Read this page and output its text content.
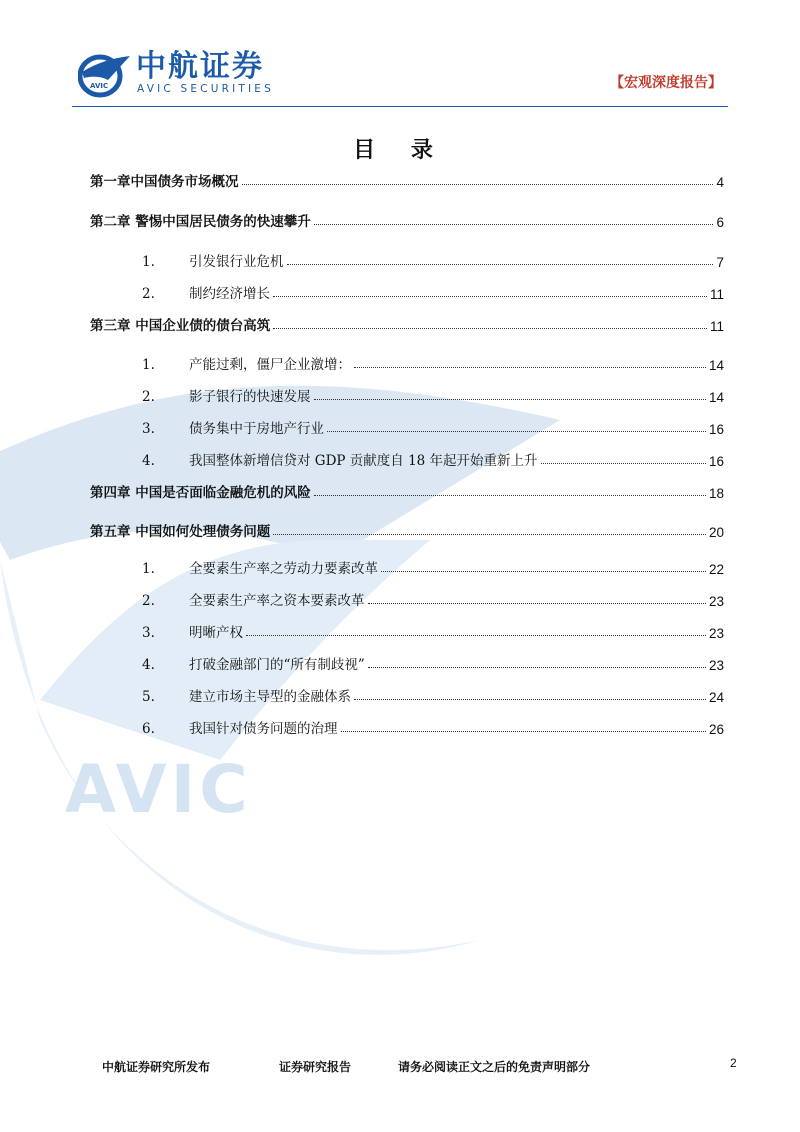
AVIC
AVIC
中航证券
AVIC SECURITIES	【宏观深度报告】
目 录
第一章中国债务市场概况	4
第二章 警惕中国居民债务的快速攀升	6
1.	引发银行业危机	7
2.	制约经济增长	11
第三章 中国企业债的债台高筑	11
1.	产能过剩，僵尸企业激增：	14
2.	影子银行的快速发展	14
3.	债务集中于房地产行业	16
4.	我国整体新增信贷对 GDP 贡献度自 18 年起开始重新上升	16
第四章 中国是否面临金融危机的风险	18
第五章 中国如何处理债务问题	20
1.	全要素生产率之劳动力要素改革	22
2.	全要素生产率之资本要素改革	23
3.	明晰产权	23
4.	打破金融部门的“所有制歧视”	23
5.	建立市场主导型的金融体系	24
6.	我国针对债务问题的治理	26
中航证券研究所发布	证券研究报告	请务必阅读正文之后的免责声明部分	2
